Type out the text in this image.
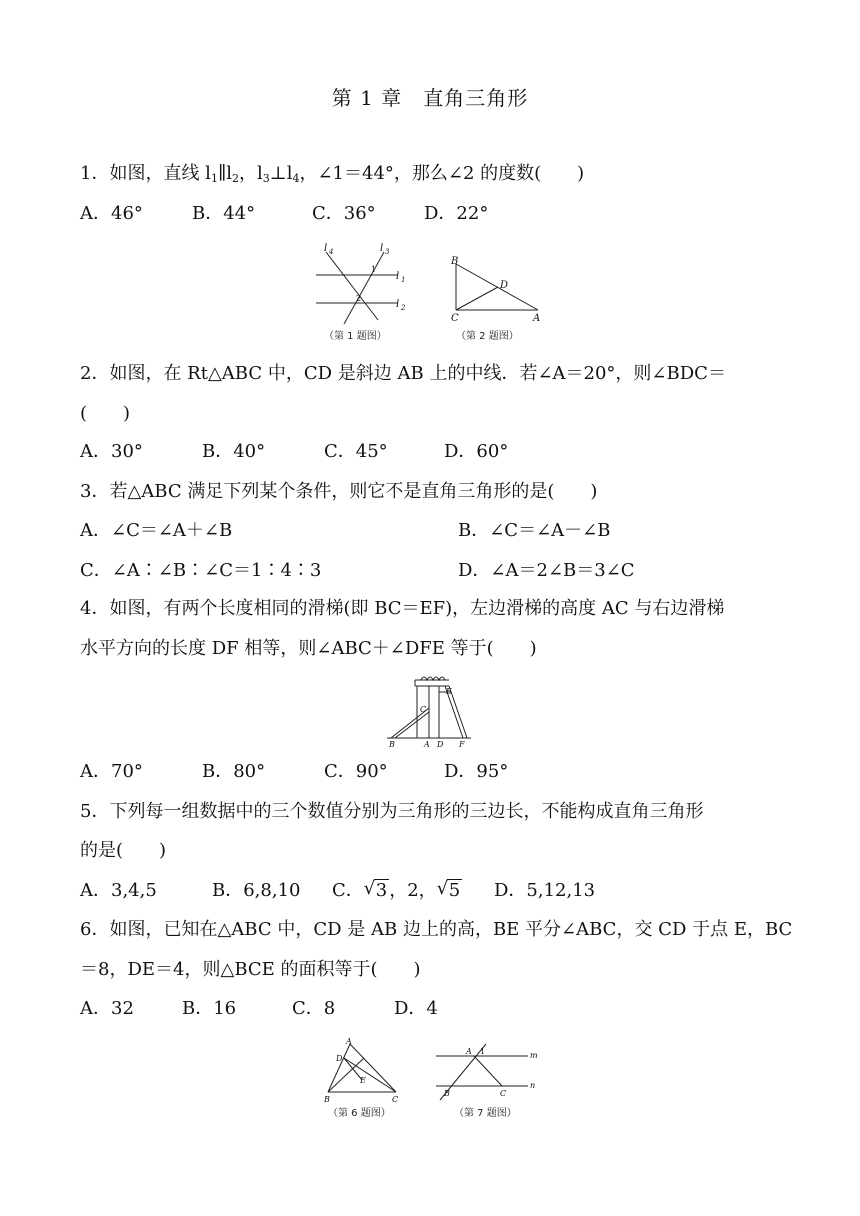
第 1 章　直角三角形
1．如图，直线 $l_1\parallel l_2$，$l_3\perp l_4$，∠1＝44°，那么∠2 的度数(　　)
A．46°	B．44°	C．36°	D．22°
l 4	l 3
l 1
l 2
1
2
（第 1 题图）
B
C	A
D
（第 2 题图）
2．如图，在 Rt△ABC 中，CD 是斜边 AB 上的中线．若∠A＝20°，则∠BDC＝
(　　)
A．30°	B．40°	C．45°	D．60°
3．若△ABC 满足下列某个条件，则它不是直角三角形的是(　　)
A．∠C＝∠A＋∠B	B．∠C＝∠A－∠B
C．∠A∶∠B∶∠C＝1∶4∶3	D．∠A＝2∠B＝3∠C
4．如图，有两个长度相同的滑梯(即 BC＝EF)，左边滑梯的高度 AC 与右边滑梯
水平方向的长度 DF 相等，则∠ABC＋∠DFE 等于(　　)
B	A D F
C
E
A．70°	B．80°	C．90°	D．95°
5．下列每一组数据中的三个数值分别为三角形的三边长，不能构成直角三角形
的是(　　)
A．3,4,5	B．6,8,10 C． √ 3 ，2， √ 5 D．5,12,13
6．如图，已知在△ABC 中，CD 是 AB 边上的高，BE 平分∠ABC，交 CD 于点 E，BC
＝8，DE＝4，则△BCE 的面积等于(　　)
A．32	B．16	C．8	D．4
A
D
E
B	C
（第 6 题图）
A 1	m
n
B	C
（第 7 题图）
